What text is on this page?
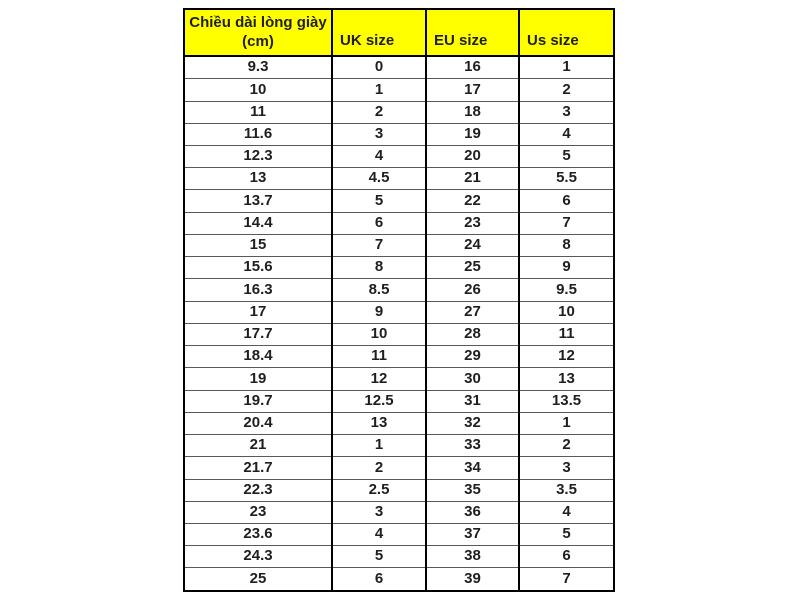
Chiều dài lòng giày
(cm)	UK size	EU size	Us size
9.3	0	16	1
10	1	17	2
11	2	18	3
11.6	3	19	4
12.3	4	20	5
13	4.5	21	5.5
13.7	5	22	6
14.4	6	23	7
15	7	24	8
15.6	8	25	9
16.3	8.5	26	9.5
17	9	27	10
17.7	10	28	11
18.4	11	29	12
19	12	30	13
19.7	12.5	31	13.5
20.4	13	32	1
21	1	33	2
21.7	2	34	3
22.3	2.5	35	3.5
23	3	36	4
23.6	4	37	5
24.3	5	38	6
25	6	39	7
